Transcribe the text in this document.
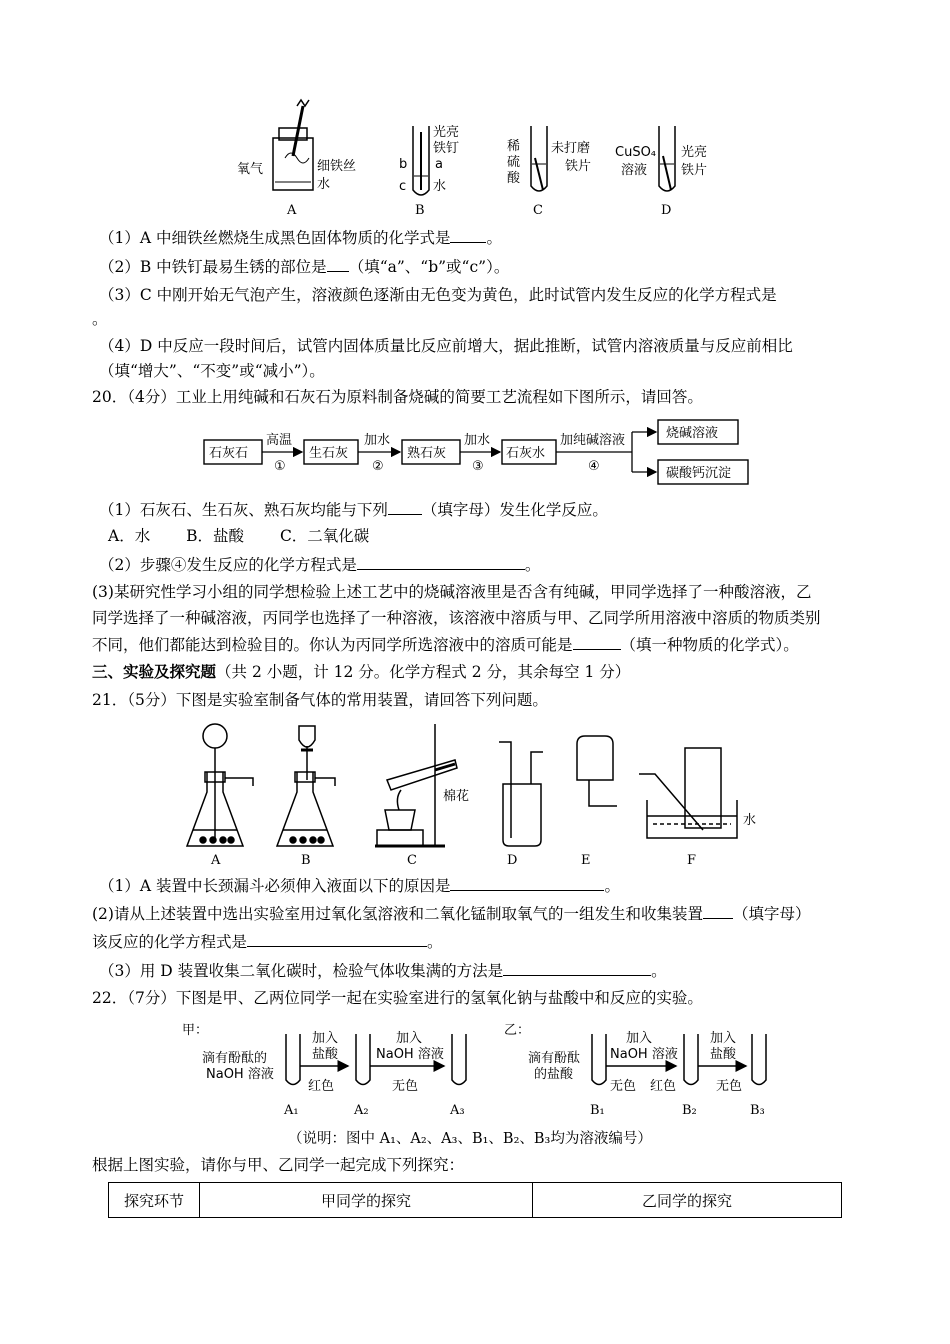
氧气	细铁丝
水
A
光亮
铁钉
a
b
c 水
B
稀
硫
酸
未打磨
铁片
C
CuSO₄
溶液
光亮
铁片
D
（1）A 中细铁丝燃烧生成黑色固体物质的化学式是 。
（2）B 中铁钉最易生锈的部位是 （填“a”、“b”或“c”）。
（3）C 中刚开始无气泡产生，溶液颜色逐渐由无色变为黄色，此时试管内发生反应的化学方程式是
。
（4）D 中反应一段时间后，试管内固体质量比反应前增大，据此推断，试管内溶液质量与反应前相比
（填“增大”、“不变”或“减小”）。
20．（4分）工业上用纯碱和石灰石为原料制备烧碱的简要工艺流程如下图所示，请回答。
石灰石	生石灰	熟石灰	石灰水
烧碱溶液
碳酸钙沉淀
高温	加水	加水	加纯碱溶液
①	②	③	④
（1）石灰石、生石灰、熟石灰均能与下列 （填字母）发生化学反应。
A．水　　 B．盐酸　　 C．二氧化碳
（2）步骤④发生反应的化学方程式是	。
(3)某研究性学习小组的同学想检验上述工艺中的烧碱溶液里是否含有纯碱，甲同学选择了一种酸溶液，乙
同学选择了一种碱溶液，丙同学也选择了一种溶液，该溶液中溶质与甲、乙同学所用溶液中溶质的物质类别
不同，他们都能达到检验目的。你认为丙同学所选溶液中的溶质可能是	（填一种物质的化学式）。
三、实验及探究题（共 2 小题，计 12 分。化学方程式 2 分，其余每空 1 分）
21．（5分）下图是实验室制备气体的常用装置，请回答下列问题。
A	B
棉花
C	D	E
水
F
（1）A 装置中长颈漏斗必须伸入液面以下的原因是	。
(2)请从上述装置中选出实验室用过氧化氢溶液和二氧化锰制取氧气的一组发生和收集装置 （填字母）
该反应的化学方程式是	。
（3）用 D 装置收集二氧化碳时，检验气体收集满的方法是	。
22．（7分）下图是甲、乙两位同学一起在实验室进行的氢氧化钠与盐酸中和反应的实验。
甲：	乙：
滴有酚酞的
NaOH 溶液
加入
盐酸
加入
NaOH 溶液
红色	无色
A₁	A₂	A₃
滴有酚酞
的盐酸
加入
NaOH 溶液
加入
盐酸
无色 红色	无色
B₁	B₂	B₃
（说明：图中 A₁、A₂、A₃、B₁、B₂、B₃均为溶液编号）
根据上图实验，请你与甲、乙同学一起完成下列探究：
探究环节	甲同学的探究	乙同学的探究
